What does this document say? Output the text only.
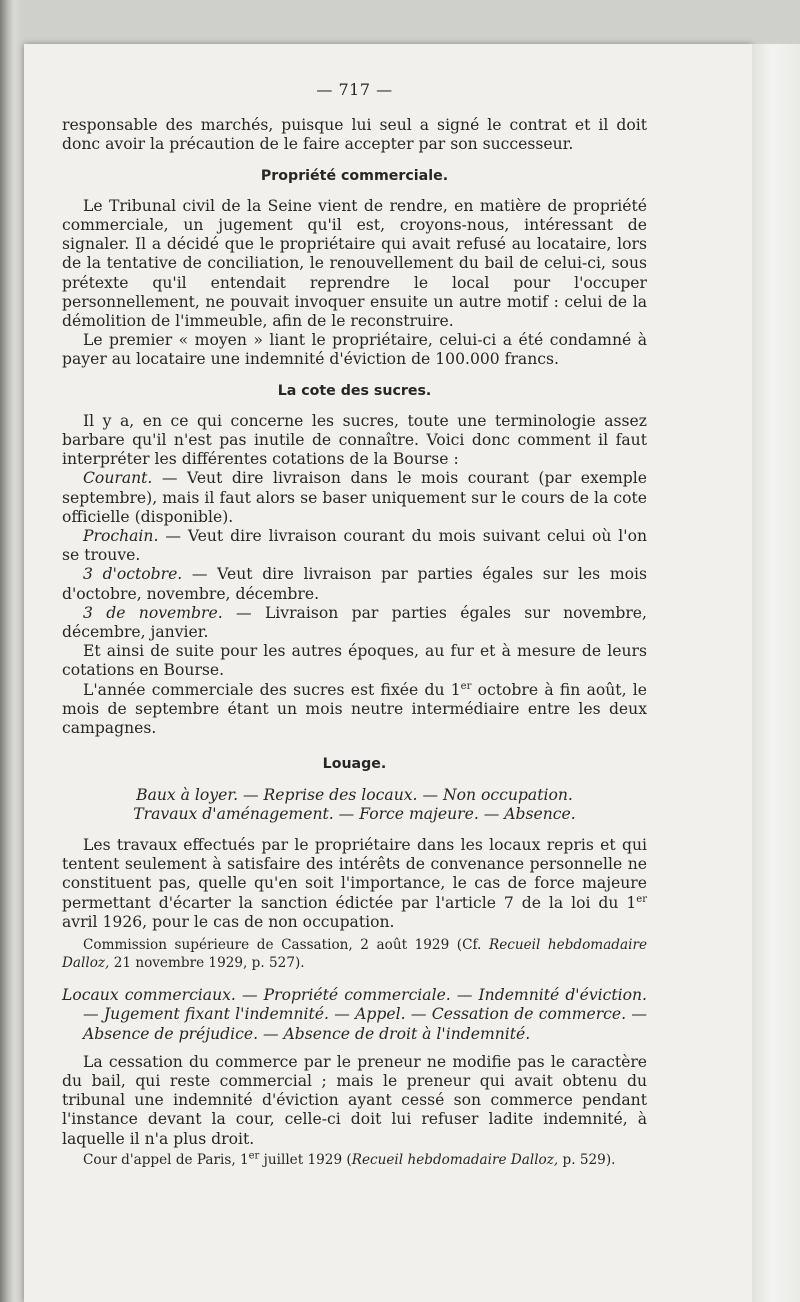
— 717 —

responsable des marchés, puisque lui seul a signé le contrat et il doit donc avoir la précaution de le faire accepter par son successeur.

Propriété commerciale.

Le Tribunal civil de la Seine vient de rendre, en matière de propriété commerciale, un jugement qu'il est, croyons-nous, intéressant de signaler. Il a décidé que le propriétaire qui avait refusé au locataire, lors de la tentative de conciliation, le renouvellement du bail de celui-ci, sous prétexte qu'il entendait reprendre le local pour l'occuper personnellement, ne pouvait invoquer ensuite un autre motif : celui de la démolition de l'immeuble, afin de le reconstruire.

Le premier « moyen » liant le propriétaire, celui-ci a été condamné à payer au locataire une indemnité d'éviction de 100.000 francs.

La cote des sucres.

Il y a, en ce qui concerne les sucres, toute une terminologie assez barbare qu'il n'est pas inutile de connaître. Voici donc comment il faut interpréter les différentes cotations de la Bourse :

Courant. — Veut dire livraison dans le mois courant (par exemple septembre), mais il faut alors se baser uniquement sur le cours de la cote officielle (disponible).

Prochain. — Veut dire livraison courant du mois suivant celui où l'on se trouve.

3 d'octobre. — Veut dire livraison par parties égales sur les mois d'octobre, novembre, décembre.

3 de novembre. — Livraison par parties égales sur novembre, décembre, janvier.

Et ainsi de suite pour les autres époques, au fur et à mesure de leurs cotations en Bourse.

L'année commerciale des sucres est fixée du 1er octobre à fin août, le mois de septembre étant un mois neutre intermédiaire entre les deux campagnes.

Louage.

Baux à loyer. — Reprise des locaux. — Non occupation.

Travaux d'aménagement. — Force majeure. — Absence.

Les travaux effectués par le propriétaire dans les locaux repris et qui tentent seulement à satisfaire des intérêts de convenance personnelle ne constituent pas, quelle qu'en soit l'importance, le cas de force majeure permettant d'écarter la sanction édictée par l'article 7 de la loi du 1er avril 1926, pour le cas de non occupation.

Commission supérieure de Cassation, 2 août 1929 (Cf. Recueil hebdomadaire Dalloz, 21 novembre 1929, p. 527).

Locaux commerciaux. — Propriété commerciale. — Indemnité d'éviction. — Jugement fixant l'indemnité. — Appel. — Cessation de commerce. — Absence de préjudice. — Absence de droit à l'indemnité.

La cessation du commerce par le preneur ne modifie pas le caractère du bail, qui reste commercial ; mais le preneur qui avait obtenu du tribunal une indemnité d'éviction ayant cessé son commerce pendant l'instance devant la cour, celle-ci doit lui refuser ladite indemnité, à laquelle il n'a plus droit.

Cour d'appel de Paris, 1er juillet 1929 (Recueil hebdomadaire Dalloz, p. 529).
